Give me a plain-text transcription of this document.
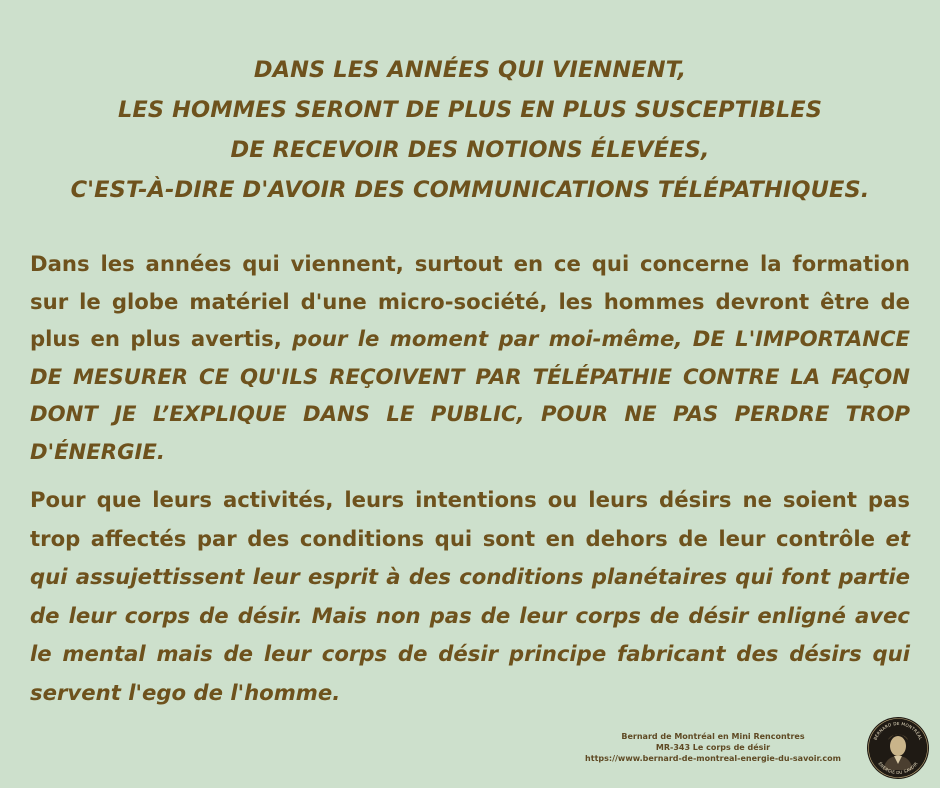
DANS LES ANNÉES QUI VIENNENT,
LES HOMMES SERONT DE PLUS EN PLUS SUSCEPTIBLES
DE RECEVOIR DES NOTIONS ÉLEVÉES,
C'EST-À-DIRE D'AVOIR DES COMMUNICATIONS TÉLÉPATHIQUES.

Dans les années qui viennent, surtout en ce qui concerne la formation sur le globe matériel d'une micro-société, les hommes devront être de plus en plus avertis, pour le moment par moi-même, DE L'IMPORTANCE DE MESURER CE QU'ILS REÇOIVENT PAR TÉLÉPATHIE CONTRE LA FAÇON DONT JE L’EXPLIQUE DANS LE PUBLIC, POUR NE PAS PERDRE TROP D'ÉNERGIE.

Pour que leurs activités, leurs intentions ou leurs désirs ne soient pas trop affectés par des conditions qui sont en dehors de leur contrôle et qui assujettissent leur esprit à des conditions planétaires qui font partie de leur corps de désir. Mais non pas de leur corps de désir enligné avec le mental mais de leur corps de désir principe fabricant des désirs qui servent l'ego de l'homme.

Bernard de Montréal en Mini Rencontres
MR-343 Le corps de désir
https://www.bernard-de-montreal-energie-du-savoir.com
BERNARD DE MONTRÉAL
ÉNERGIE DU SAVOIR
